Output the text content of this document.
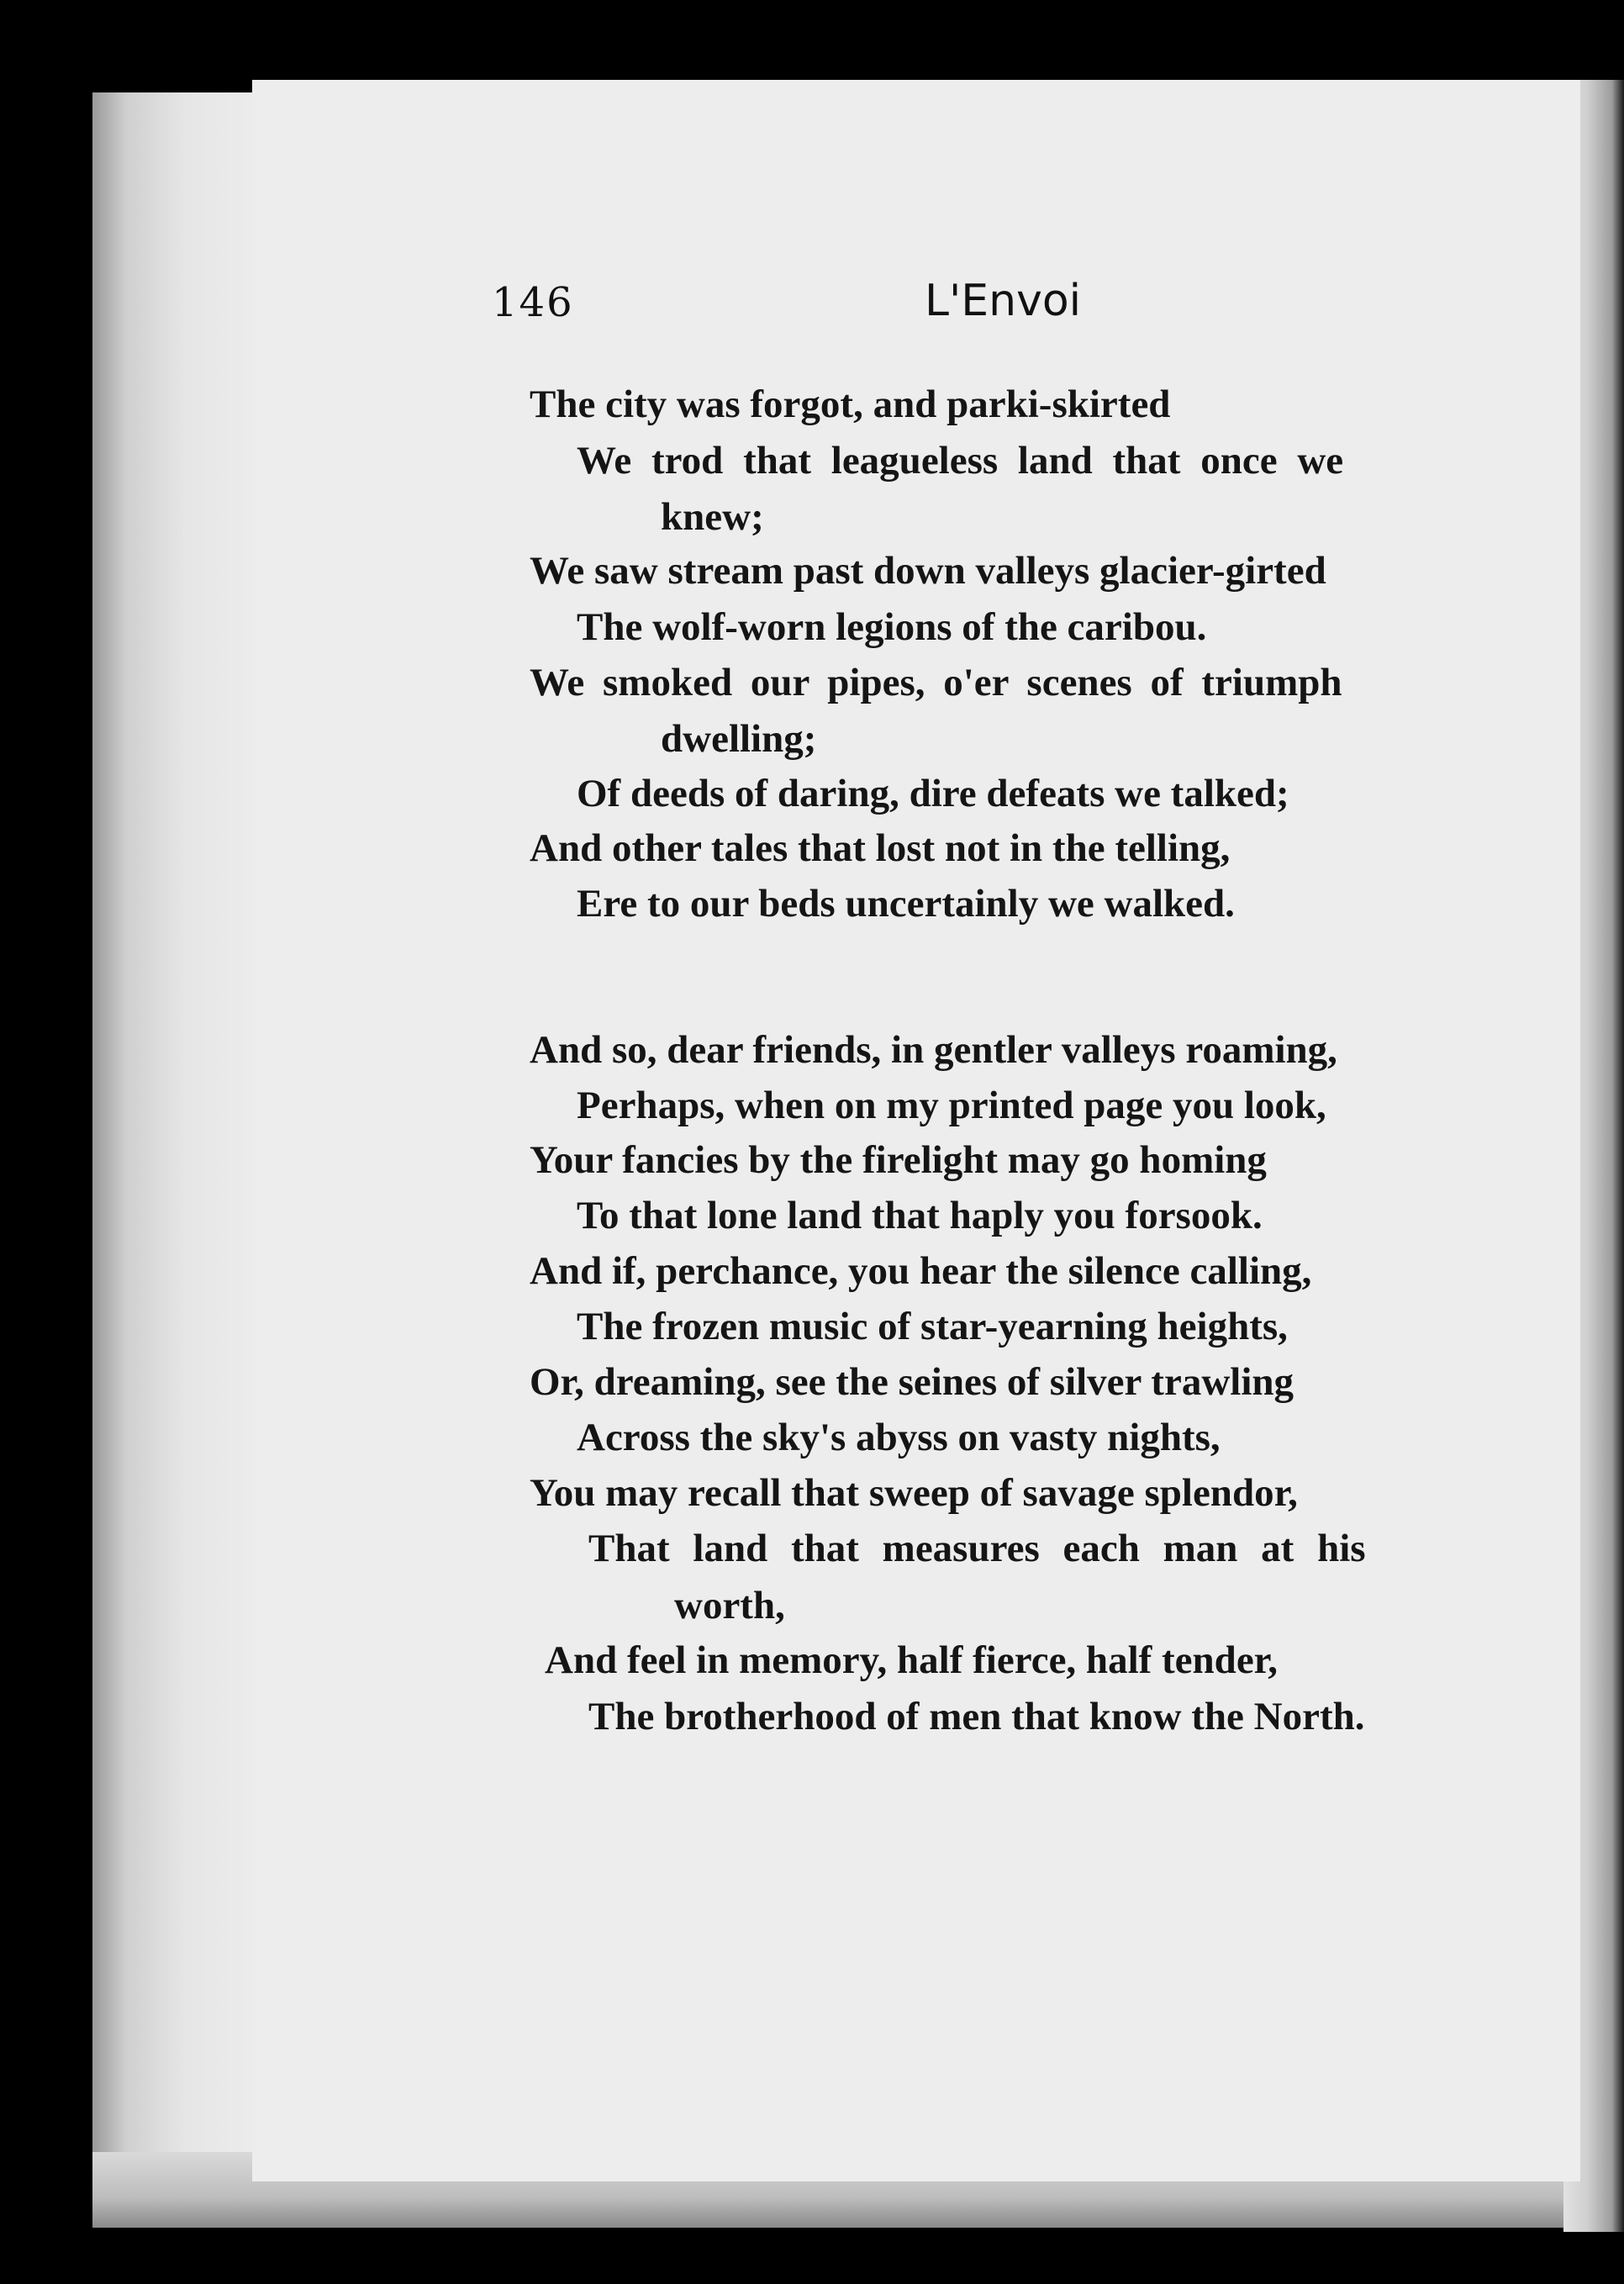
146	L'Envoi
The city was forgot, and parki-skirted
We trod that leagueless land that once we
knew;
We saw stream past down valleys glacier-girted
The wolf-worn legions of the caribou.
We smoked our pipes, o'er scenes of triumph
dwelling;
Of deeds of daring, dire defeats we talked;
And other tales that lost not in the telling,
Ere to our beds uncertainly we walked.
And so, dear friends, in gentler valleys roaming,
Perhaps, when on my printed page you look,
Your fancies by the firelight may go homing
To that lone land that haply you forsook.
And if, perchance, you hear the silence calling,
The frozen music of star-yearning heights,
Or, dreaming, see the seines of silver trawling
Across the sky's abyss on vasty nights,
You may recall that sweep of savage splendor,
That land that measures each man at his
worth,
And feel in memory, half fierce, half tender,
The brotherhood of men that know the North.
